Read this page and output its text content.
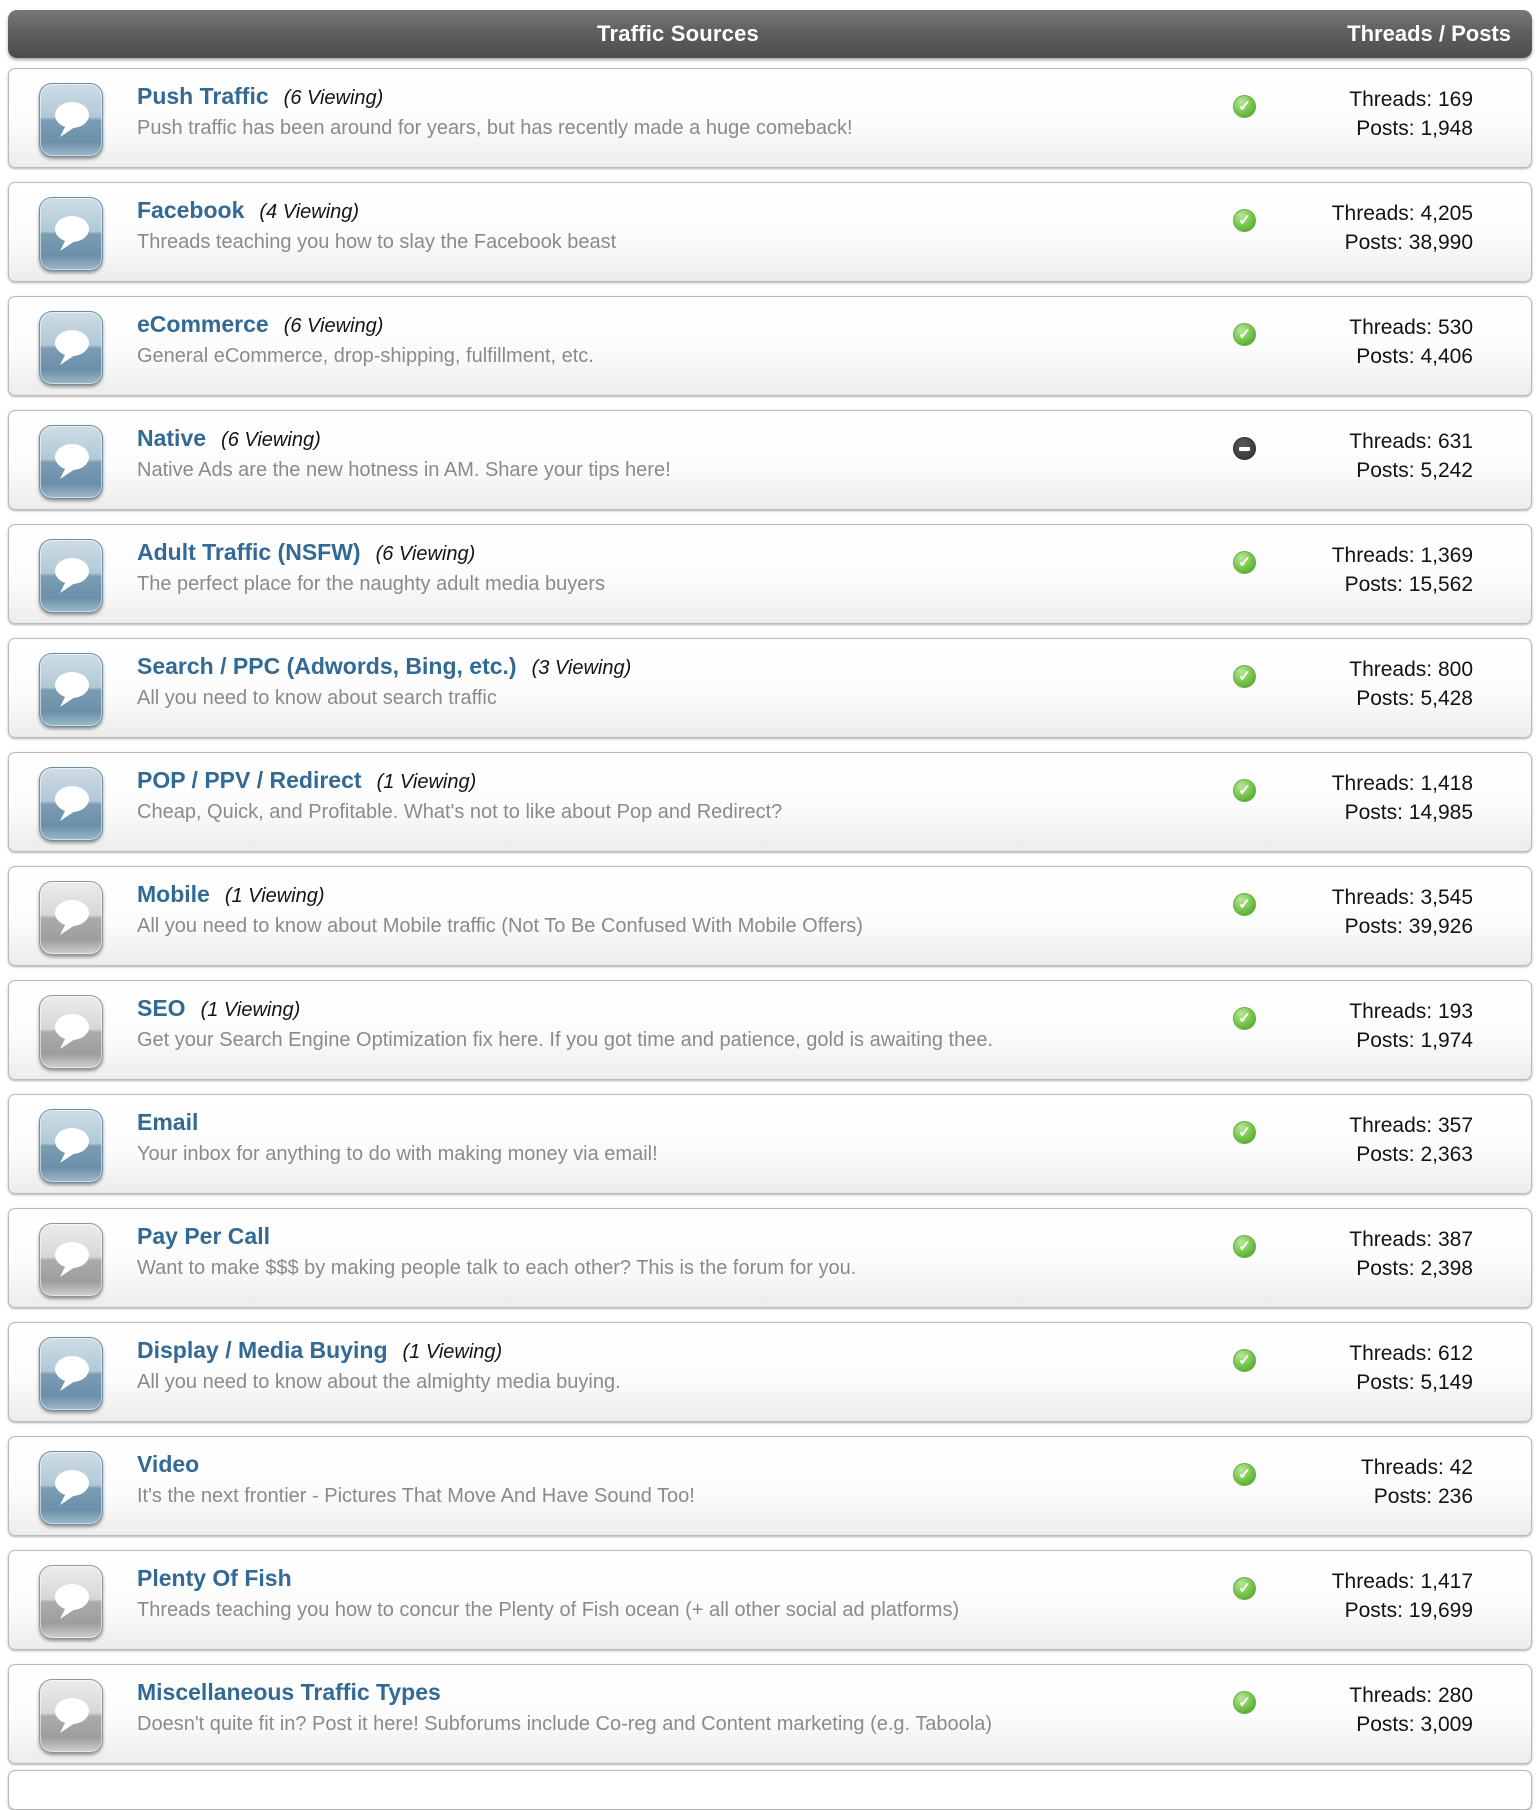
Traffic Sources	Threads / Posts
Push Traffic (6 Viewing)
Push traffic has been around for years, but has recently made a huge comeback!
✓
Threads: 169
Posts: 1,948
Facebook (4 Viewing)
Threads teaching you how to slay the Facebook beast
✓
Threads: 4,205
Posts: 38,990
eCommerce (6 Viewing)
General eCommerce, drop-shipping, fulfillment, etc.
✓
Threads: 530
Posts: 4,406
Native (6 Viewing)
Native Ads are the new hotness in AM. Share your tips here!
Threads: 631
Posts: 5,242
Adult Traffic (NSFW) (6 Viewing)
The perfect place for the naughty adult media buyers
✓
Threads: 1,369
Posts: 15,562
Search / PPC (Adwords, Bing, etc.) (3 Viewing)
All you need to know about search traffic
✓
Threads: 800
Posts: 5,428
POP / PPV / Redirect (1 Viewing)
Cheap, Quick, and Profitable. What's not to like about Pop and Redirect?
✓
Threads: 1,418
Posts: 14,985
Mobile (1 Viewing)
All you need to know about Mobile traffic (Not To Be Confused With Mobile Offers)
✓
Threads: 3,545
Posts: 39,926
SEO (1 Viewing)
Get your Search Engine Optimization fix here. If you got time and patience, gold is awaiting thee.
✓
Threads: 193
Posts: 1,974
Email
Your inbox for anything to do with making money via email!
✓
Threads: 357
Posts: 2,363
Pay Per Call
Want to make $$$ by making people talk to each other? This is the forum for you.
✓
Threads: 387
Posts: 2,398
Display / Media Buying (1 Viewing)
All you need to know about the almighty media buying.
✓
Threads: 612
Posts: 5,149
Video
It's the next frontier - Pictures That Move And Have Sound Too!
✓
Threads: 42
Posts: 236
Plenty Of Fish
Threads teaching you how to concur the Plenty of Fish ocean (+ all other social ad platforms)
✓
Threads: 1,417
Posts: 19,699
Miscellaneous Traffic Types
Doesn't quite fit in? Post it here! Subforums include Co-reg and Content marketing (e.g. Taboola)
✓
Threads: 280
Posts: 3,009
